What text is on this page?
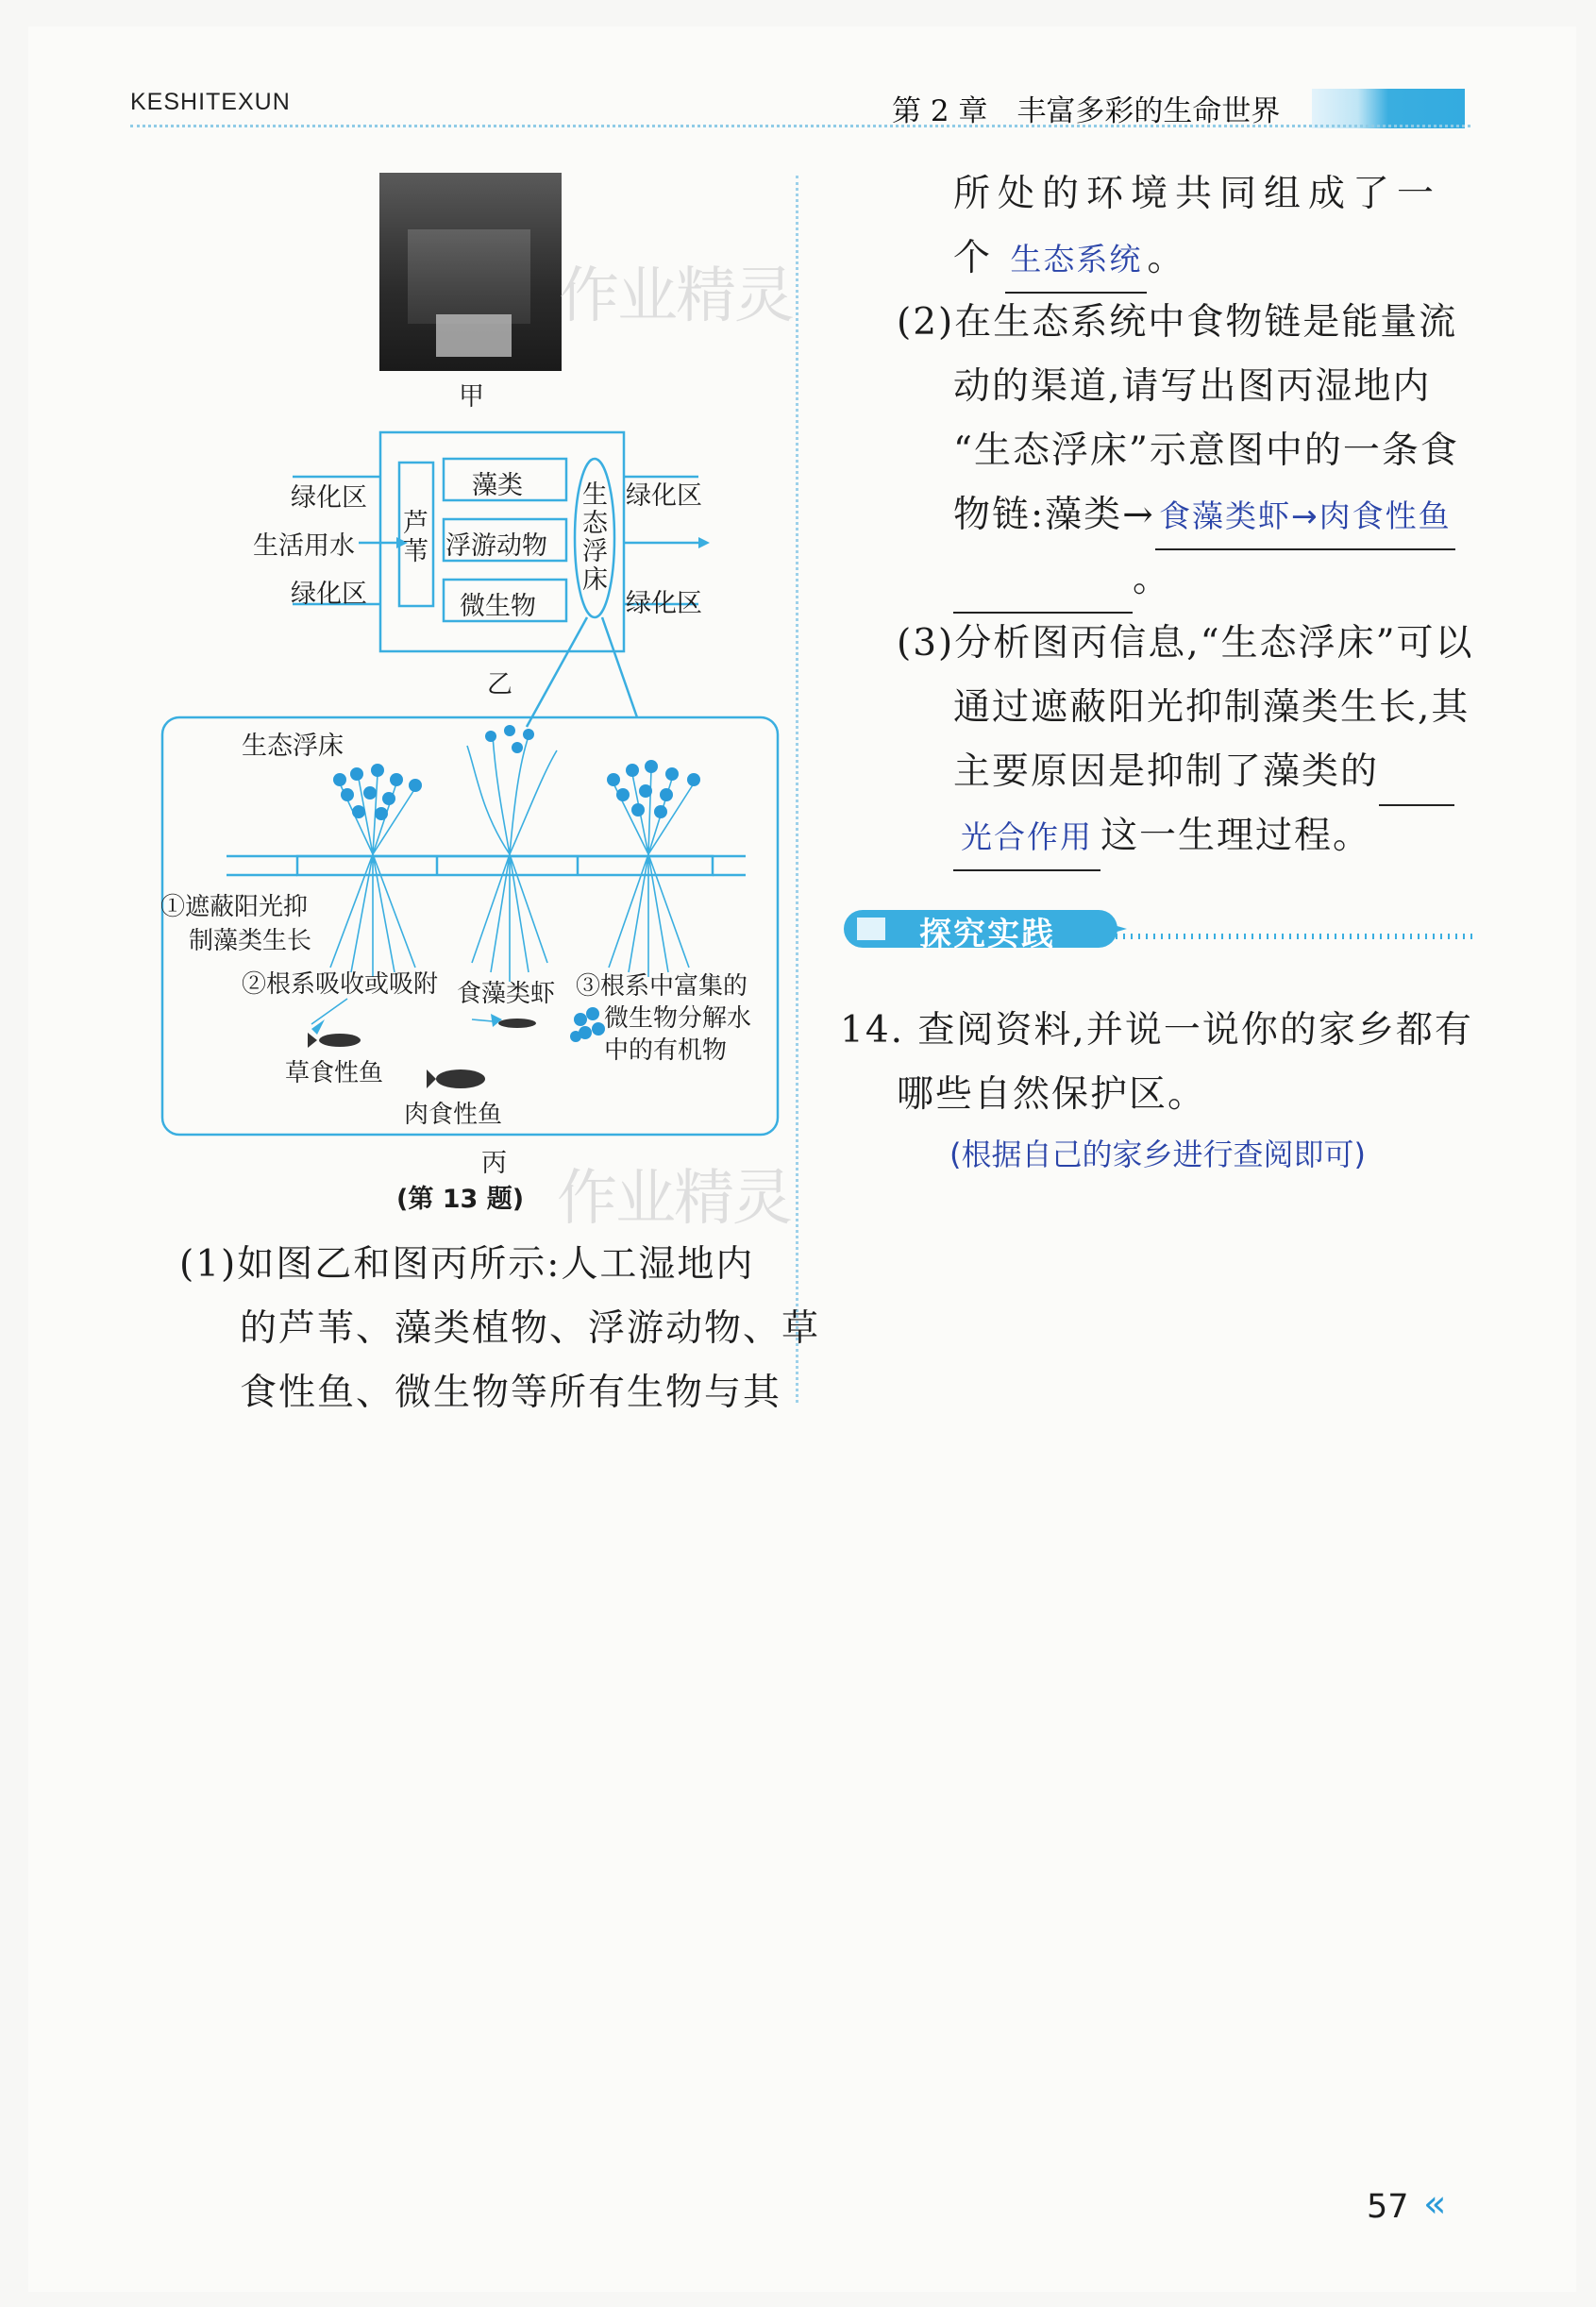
KESHITEXUN	第 2 章　丰富多彩的生命世界
甲
作业精灵
绿化区
生活用水
绿化区
芦苇
藻类
浮游动物
微生物
生态浮床
绿化区
绿化区
乙
生态浮床
①遮蔽阳光抑
制藻类生长
②根系吸收或吸附 食藻类虾 ③根系中富集的
微生物分解水
中的有机物
草食性鱼
肉食性鱼
丙
(第 13 题) 作业精灵
(1)如图乙和图丙所示:人工湿地内
的芦苇、藻类植物、浮游动物、草
食性鱼、微生物等所有生物与其
所处的环境共同组成了一
个 生态系统 。
(2)在生态系统中食物链是能量流
动的渠道,请写出图丙湿地内
“生态浮床”示意图中的一条食
物链:藻类→ 食藻类虾→肉食性鱼
。
(3)分析图丙信息,“生态浮床”可以
通过遮蔽阳光抑制藻类生长,其
主要原因是抑制了藻类的
光合作用 这一生理过程。
探究实践
14. 查阅资料,并说一说你的家乡都有
哪些自然保护区。
(根据自己的家乡进行查阅即可)
57 «
